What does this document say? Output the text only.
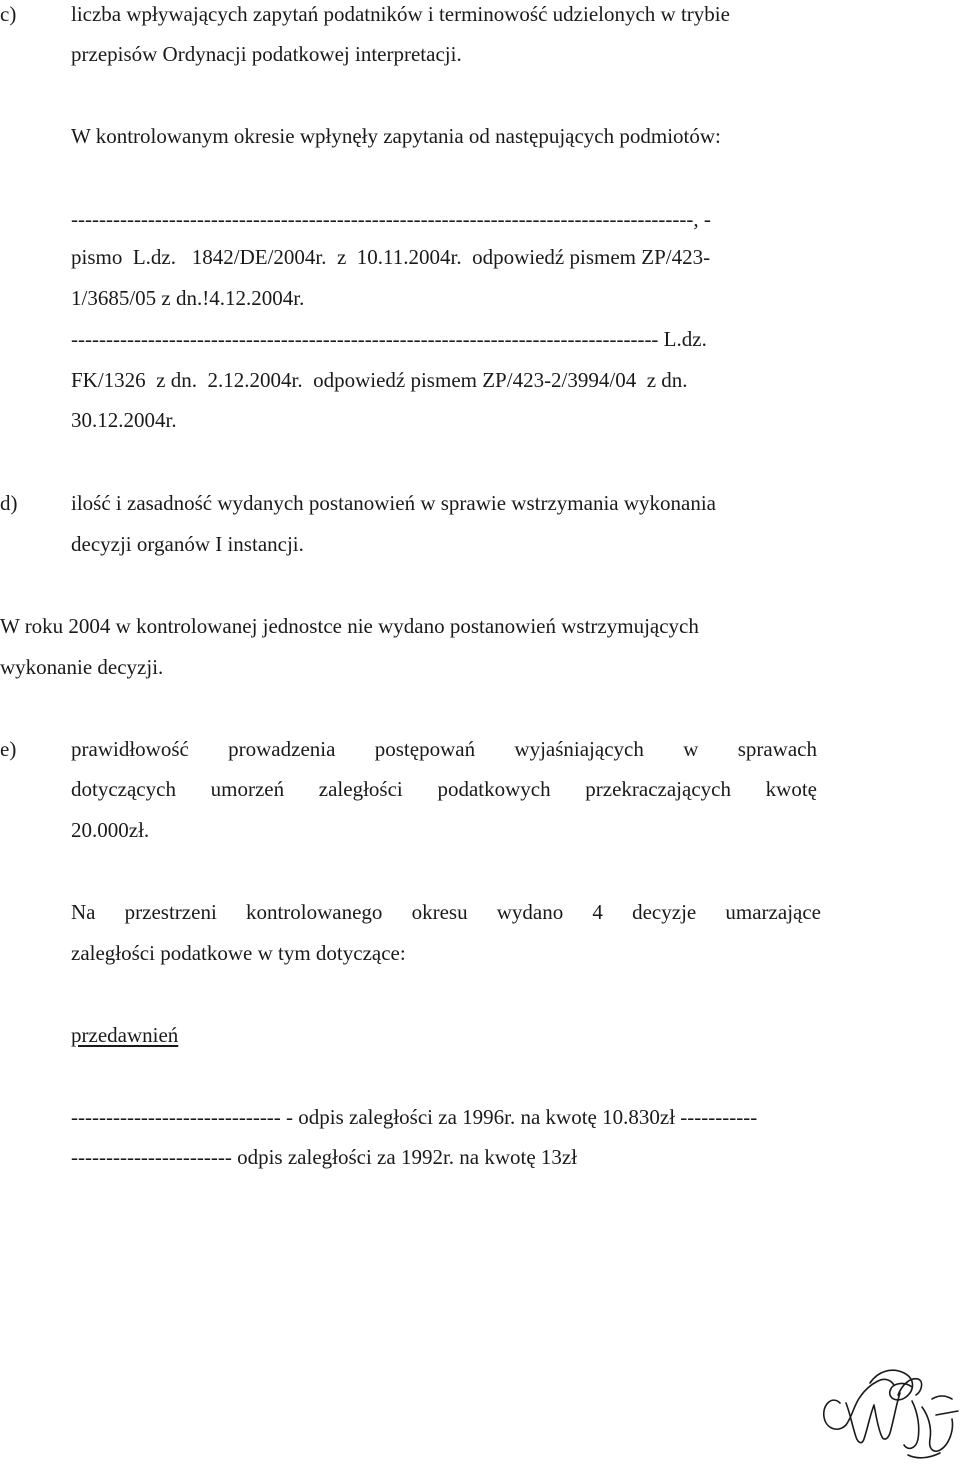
c)	liczba wpływających zapytań podatników i terminowość udzielonych w trybie
przepisów Ordynacji podatkowej interpretacji.
W kontrolowanym okresie wpłynęły zapytania od następujących podmiotów:
-----------------------------------------------------------------------------------------, -
pismo  L.dz.   1842/DE/2004r.  z  10.11.2004r.  odpowiedź pismem ZP/423-
1/3685/05 z dn.!4.12.2004r.
------------------------------------------------------------------------------------ L.dz.
FK/1326  z dn.  2.12.2004r.  odpowiedź pismem ZP/423-2/3994/04  z dn.
30.12.2004r.
d)	ilość i zasadność wydanych postanowień w sprawie wstrzymania wykonania
decyzji organów I instancji.
W roku 2004 w kontrolowanej jednostce nie wydano postanowień wstrzymujących
wykonanie decyzji.
e)	prawidłowość prowadzenia postępowań wyjaśniających w sprawach
dotyczących umorzeń zaległości podatkowych przekraczających kwotę
20.000zł.
Na przestrzeni kontrolowanego okresu wydano 4 decyzje umarzające
zaległości podatkowe w tym dotyczące:
przedawnień
------------------------------ - odpis zaległości za 1996r. na kwotę 10.830zł -----------
----------------------- odpis zaległości za 1992r. na kwotę 13zł
